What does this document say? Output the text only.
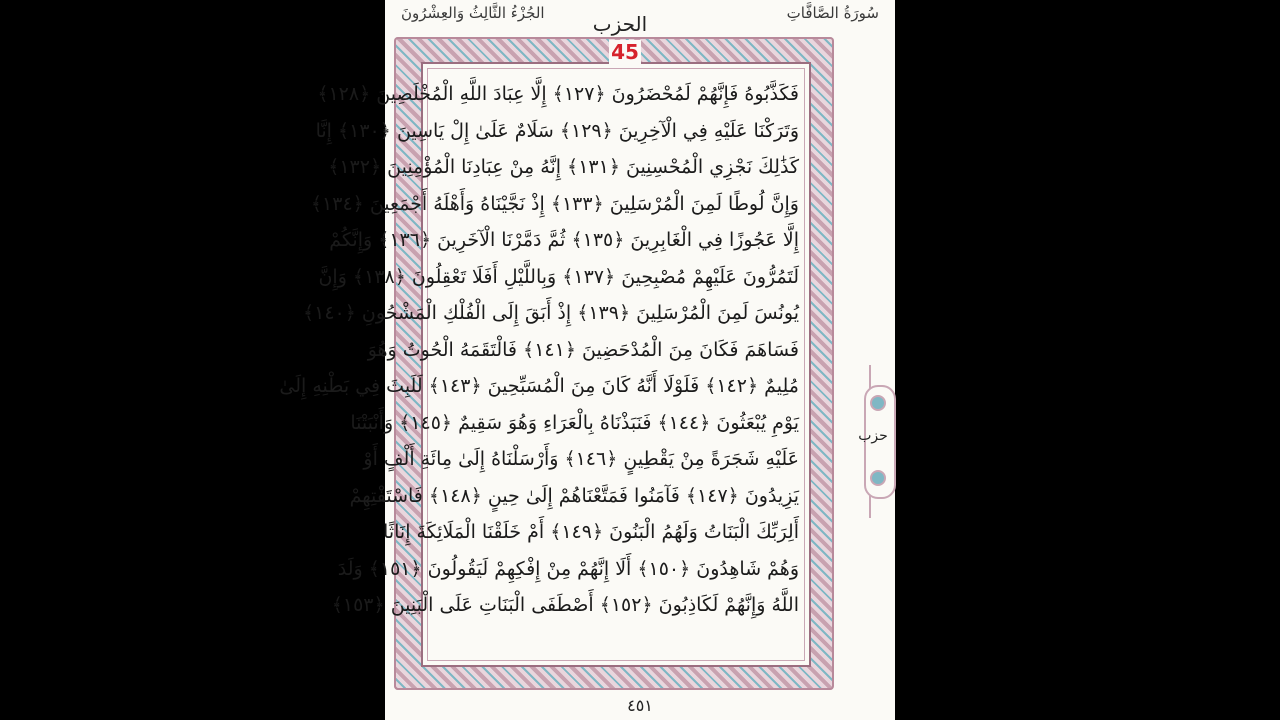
الجُزْءُ الثَّالِثُ وَالعِشْرُونَ	سُورَةُ الصَّافَّاتِ
فَكَذَّبُوهُ فَإِنَّهُمْ لَمُحْضَرُونَ ﴿١٢٧﴾ إِلَّا عِبَادَ اللَّهِ الْمُخْلَصِينَ ﴿١٢٨﴾
وَتَرَكْنَا عَلَيْهِ فِي الْآخِرِينَ ﴿١٢٩﴾ سَلَامٌ عَلَىٰ إِلْ يَاسِينَ ﴿١٣٠﴾ إِنَّا
كَذَٰلِكَ نَجْزِي الْمُحْسِنِينَ ﴿١٣١﴾ إِنَّهُ مِنْ عِبَادِنَا الْمُؤْمِنِينَ ﴿١٣٢﴾
وَإِنَّ لُوطًا لَمِنَ الْمُرْسَلِينَ ﴿١٣٣﴾ إِذْ نَجَّيْنَاهُ وَأَهْلَهُ أَجْمَعِينَ ﴿١٣٤﴾
إِلَّا عَجُوزًا فِي الْغَابِرِينَ ﴿١٣٥﴾ ثُمَّ دَمَّرْنَا الْآخَرِينَ ﴿١٣٦﴾ وَإِنَّكُمْ
لَتَمُرُّونَ عَلَيْهِمْ مُصْبِحِينَ ﴿١٣٧﴾ وَبِاللَّيْلِ أَفَلَا تَعْقِلُونَ ﴿١٣٨﴾ وَإِنَّ
يُونُسَ لَمِنَ الْمُرْسَلِينَ ﴿١٣٩﴾ إِذْ أَبَقَ إِلَى الْفُلْكِ الْمَشْحُونِ ﴿١٤٠﴾
فَسَاهَمَ فَكَانَ مِنَ الْمُدْحَضِينَ ﴿١٤١﴾ فَالْتَقَمَهُ الْحُوتُ وَهُوَ
مُلِيمٌ ﴿١٤٢﴾ فَلَوْلَا أَنَّهُ كَانَ مِنَ الْمُسَبِّحِينَ ﴿١٤٣﴾ لَلَبِثَ فِي بَطْنِهِ إِلَىٰ
يَوْمِ يُبْعَثُونَ ﴿١٤٤﴾ فَنَبَذْنَاهُ بِالْعَرَاءِ وَهُوَ سَقِيمٌ ﴿١٤٥﴾ وَأَنْبَتْنَا
عَلَيْهِ شَجَرَةً مِنْ يَقْطِينٍ ﴿١٤٦﴾ وَأَرْسَلْنَاهُ إِلَىٰ مِائَةِ أَلْفٍ أَوْ
يَزِيدُونَ ﴿١٤٧﴾ فَآمَنُوا فَمَتَّعْنَاهُمْ إِلَىٰ حِينٍ ﴿١٤٨﴾ فَاسْتَفْتِهِمْ
أَلِرَبِّكَ الْبَنَاتُ وَلَهُمُ الْبَنُونَ ﴿١٤٩﴾ أَمْ خَلَقْنَا الْمَلَائِكَةَ إِنَاثًا
وَهُمْ شَاهِدُونَ ﴿١٥٠﴾ أَلَا إِنَّهُمْ مِنْ إِفْكِهِمْ لَيَقُولُونَ ﴿١٥١﴾ وَلَدَ
اللَّهُ وَإِنَّهُمْ لَكَاذِبُونَ ﴿١٥٢﴾ أَصْطَفَى الْبَنَاتِ عَلَى الْبَنِينَ ﴿١٥٣﴾
الحزب
45
٤٥١
حزب
